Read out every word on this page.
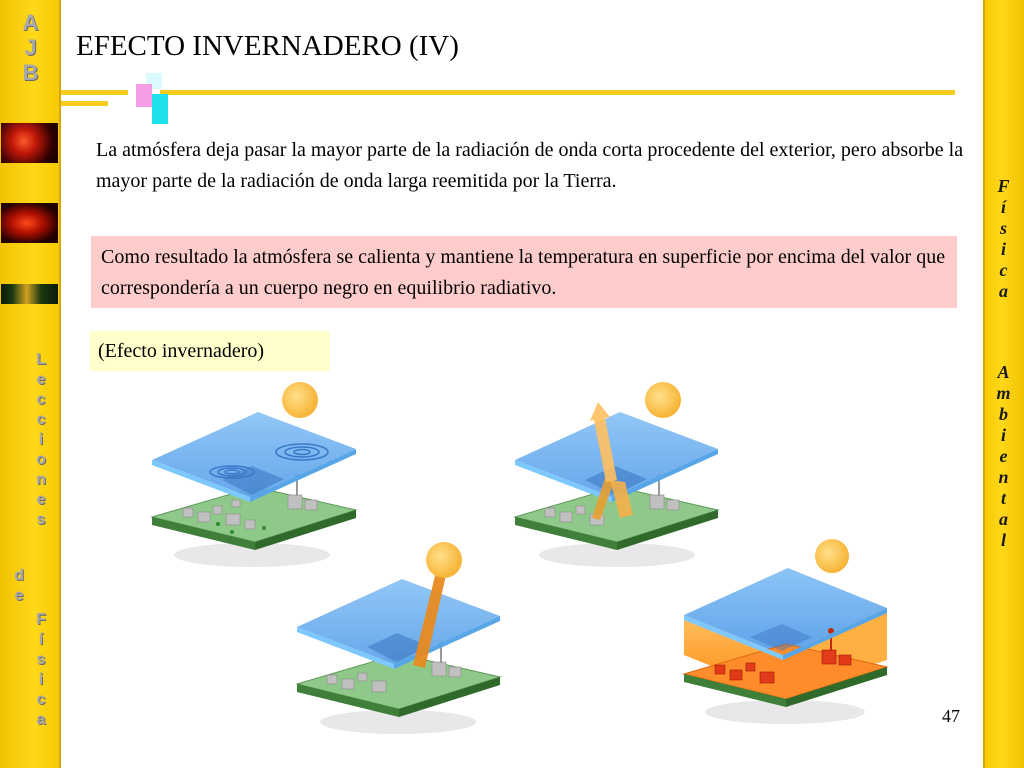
A
J
B
L
e
c
c
i
o
n
e
s
d
e
F
í
s
i
c
a
F
í
s
i
c
a
A
m
b
i
e
n
t
a
l
EFECTO INVERNADERO (IV)
La atmósfera deja pasar la mayor parte de la radiación de onda corta procedente del exterior, pero absorbe la mayor parte de la radiación de onda larga reemitida por la Tierra.
Como resultado la atmósfera se calienta y mantiene la temperatura en superficie por encima del valor que correspondería a un cuerpo negro en equilibrio radiativo.
(Efecto invernadero)
47
